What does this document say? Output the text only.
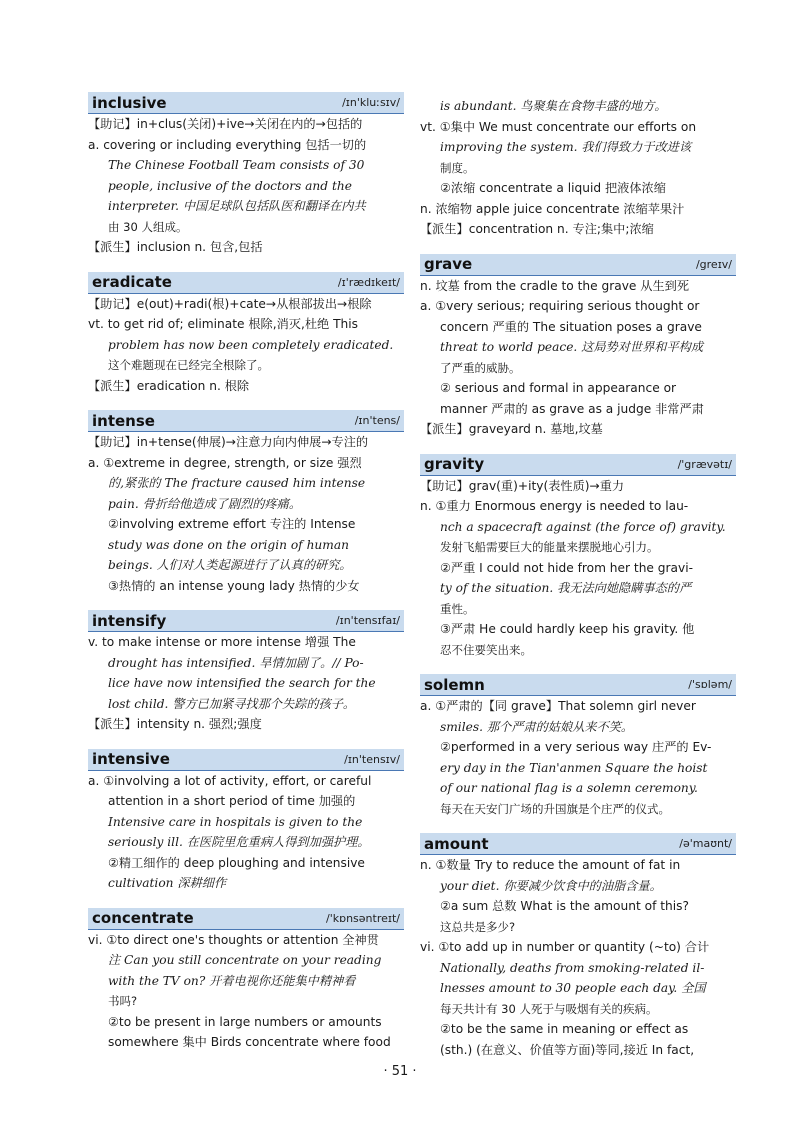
inclusive	/ɪn'kluːsɪv/
【助记】in+clus(关闭)+ive→关闭在内的→包括的
a. covering or including everything 包括一切的
The Chinese Football Team consists of 30
people, inclusive of the doctors and the
interpreter. 中国足球队包括队医和翻译在内共
由 30 人组成。
【派生】inclusion n. 包含,包括
eradicate	/ɪ'rædɪkeɪt/
【助记】e(out)+radi(根)+cate→从根部拔出→根除
vt. to get rid of; eliminate 根除,消灭,杜绝 This
problem has now been completely eradicated.
这个难题现在已经完全根除了。
【派生】eradication n. 根除
intense	/ɪn'tens/
【助记】in+tense(伸展)→注意力向内伸展→专注的
a. ①extreme in degree, strength, or size 强烈
的,紧张的 The fracture caused him intense
pain. 骨折给他造成了剧烈的疼痛。
②involving extreme effort 专注的 Intense
study was done on the origin of human
beings. 人们对人类起源进行了认真的研究。
③热情的 an intense young lady 热情的少女
intensify	/ɪn'tensɪfaɪ/
v. to make intense or more intense 增强 The
drought has intensified. 旱情加剧了。// Po-
lice have now intensified the search for the
lost child. 警方已加紧寻找那个失踪的孩子。
【派生】intensity n. 强烈;强度
intensive	/ɪn'tensɪv/
a. ①involving a lot of activity, effort, or careful
attention in a short period of time 加强的
Intensive care in hospitals is given to the
seriously ill. 在医院里危重病人得到加强护理。
②精工细作的 deep ploughing and intensive
cultivation 深耕细作
concentrate	/'kɒnsəntreɪt/
vi. ①to direct one's thoughts or attention 全神贯
注 Can you still concentrate on your reading
with the TV on? 开着电视你还能集中精神看
书吗?
②to be present in large numbers or amounts
somewhere 集中 Birds concentrate where food
is abundant. 鸟聚集在食物丰盛的地方。
vt. ①集中 We must concentrate our efforts on
improving the system. 我们得致力于改进该
制度。
②浓缩 concentrate a liquid 把液体浓缩
n. 浓缩物 apple juice concentrate 浓缩苹果汁
【派生】concentration n. 专注;集中;浓缩
grave	/greɪv/
n. 坟墓 from the cradle to the grave 从生到死
a. ①very serious; requiring serious thought or
concern 严重的 The situation poses a grave
threat to world peace. 这局势对世界和平构成
了严重的威胁。
② serious and formal in appearance or
manner 严肃的 as grave as a judge 非常严肃
【派生】graveyard n. 墓地,坟墓
gravity	/'grævətɪ/
【助记】grav(重)+ity(表性质)→重力
n. ①重力 Enormous energy is needed to lau-
nch a spacecraft against (the force of) gravity.
发射飞船需要巨大的能量来摆脱地心引力。
②严重 I could not hide from her the gravi-
ty of the situation. 我无法向她隐瞒事态的严
重性。
③严肃 He could hardly keep his gravity. 他
忍不住要笑出来。
solemn	/'sɒləm/
a. ①严肃的【同 grave】That solemn girl never
smiles. 那个严肃的姑娘从来不笑。
②performed in a very serious way 庄严的 Ev-
ery day in the Tian'anmen Square the hoist
of our national flag is a solemn ceremony.
每天在天安门广场的升国旗是个庄严的仪式。
amount	/ə'maʊnt/
n. ①数量 Try to reduce the amount of fat in
your diet. 你要减少饮食中的油脂含量。
②a sum 总数 What is the amount of this?
这总共是多少?
vi. ①to add up in number or quantity (~to) 合计
Nationally, deaths from smoking-related il-
lnesses amount to 30 people each day. 全国
每天共计有 30 人死于与吸烟有关的疾病。
②to be the same in meaning or effect as
(sth.) (在意义、价值等方面)等同,接近 In fact,
· 51 ·
